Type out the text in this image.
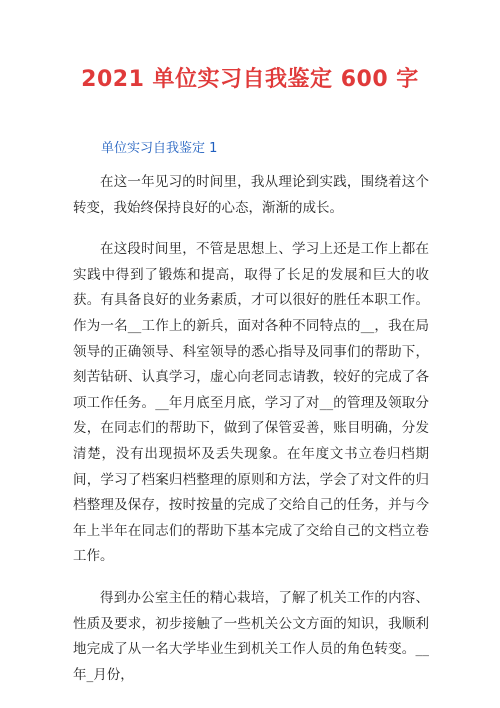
2021 单位实习自我鉴定 600 字
单位实习自我鉴定 1

在这一年见习的时间里，我从理论到实践，围绕着这个转变，我始终保持良好的心态，渐渐的成长。

在这段时间里，不管是思想上、学习上还是工作上都在实践中得到了锻炼和提高，取得了长足的发展和巨大的收获。有具备良好的业务素质，才可以很好的胜任本职工作。作为一名__工作上的新兵，面对各种不同特点的__，我在局领导的正确领导、科室领导的悉心指导及同事们的帮助下，刻苦钻研、认真学习，虚心向老同志请教，较好的完成了各项工作任务。__年月底至月底，学习了对__的管理及领取分发，在同志们的帮助下，做到了保管妥善，账目明确，分发清楚，没有出现损坏及丢失现象。在年度文书立卷归档期间，学习了档案归档整理的原则和方法，学会了对文件的归档整理及保存，按时按量的完成了交给自己的任务，并与今年上半年在同志们的帮助下基本完成了交给自己的文档立卷工作。

得到办公室主任的精心栽培，了解了机关工作的内容、性质及要求，初步接触了一些机关公文方面的知识，我顺利地完成了从一名大学毕业生到机关工作人员的角色转变。__年_月份，
